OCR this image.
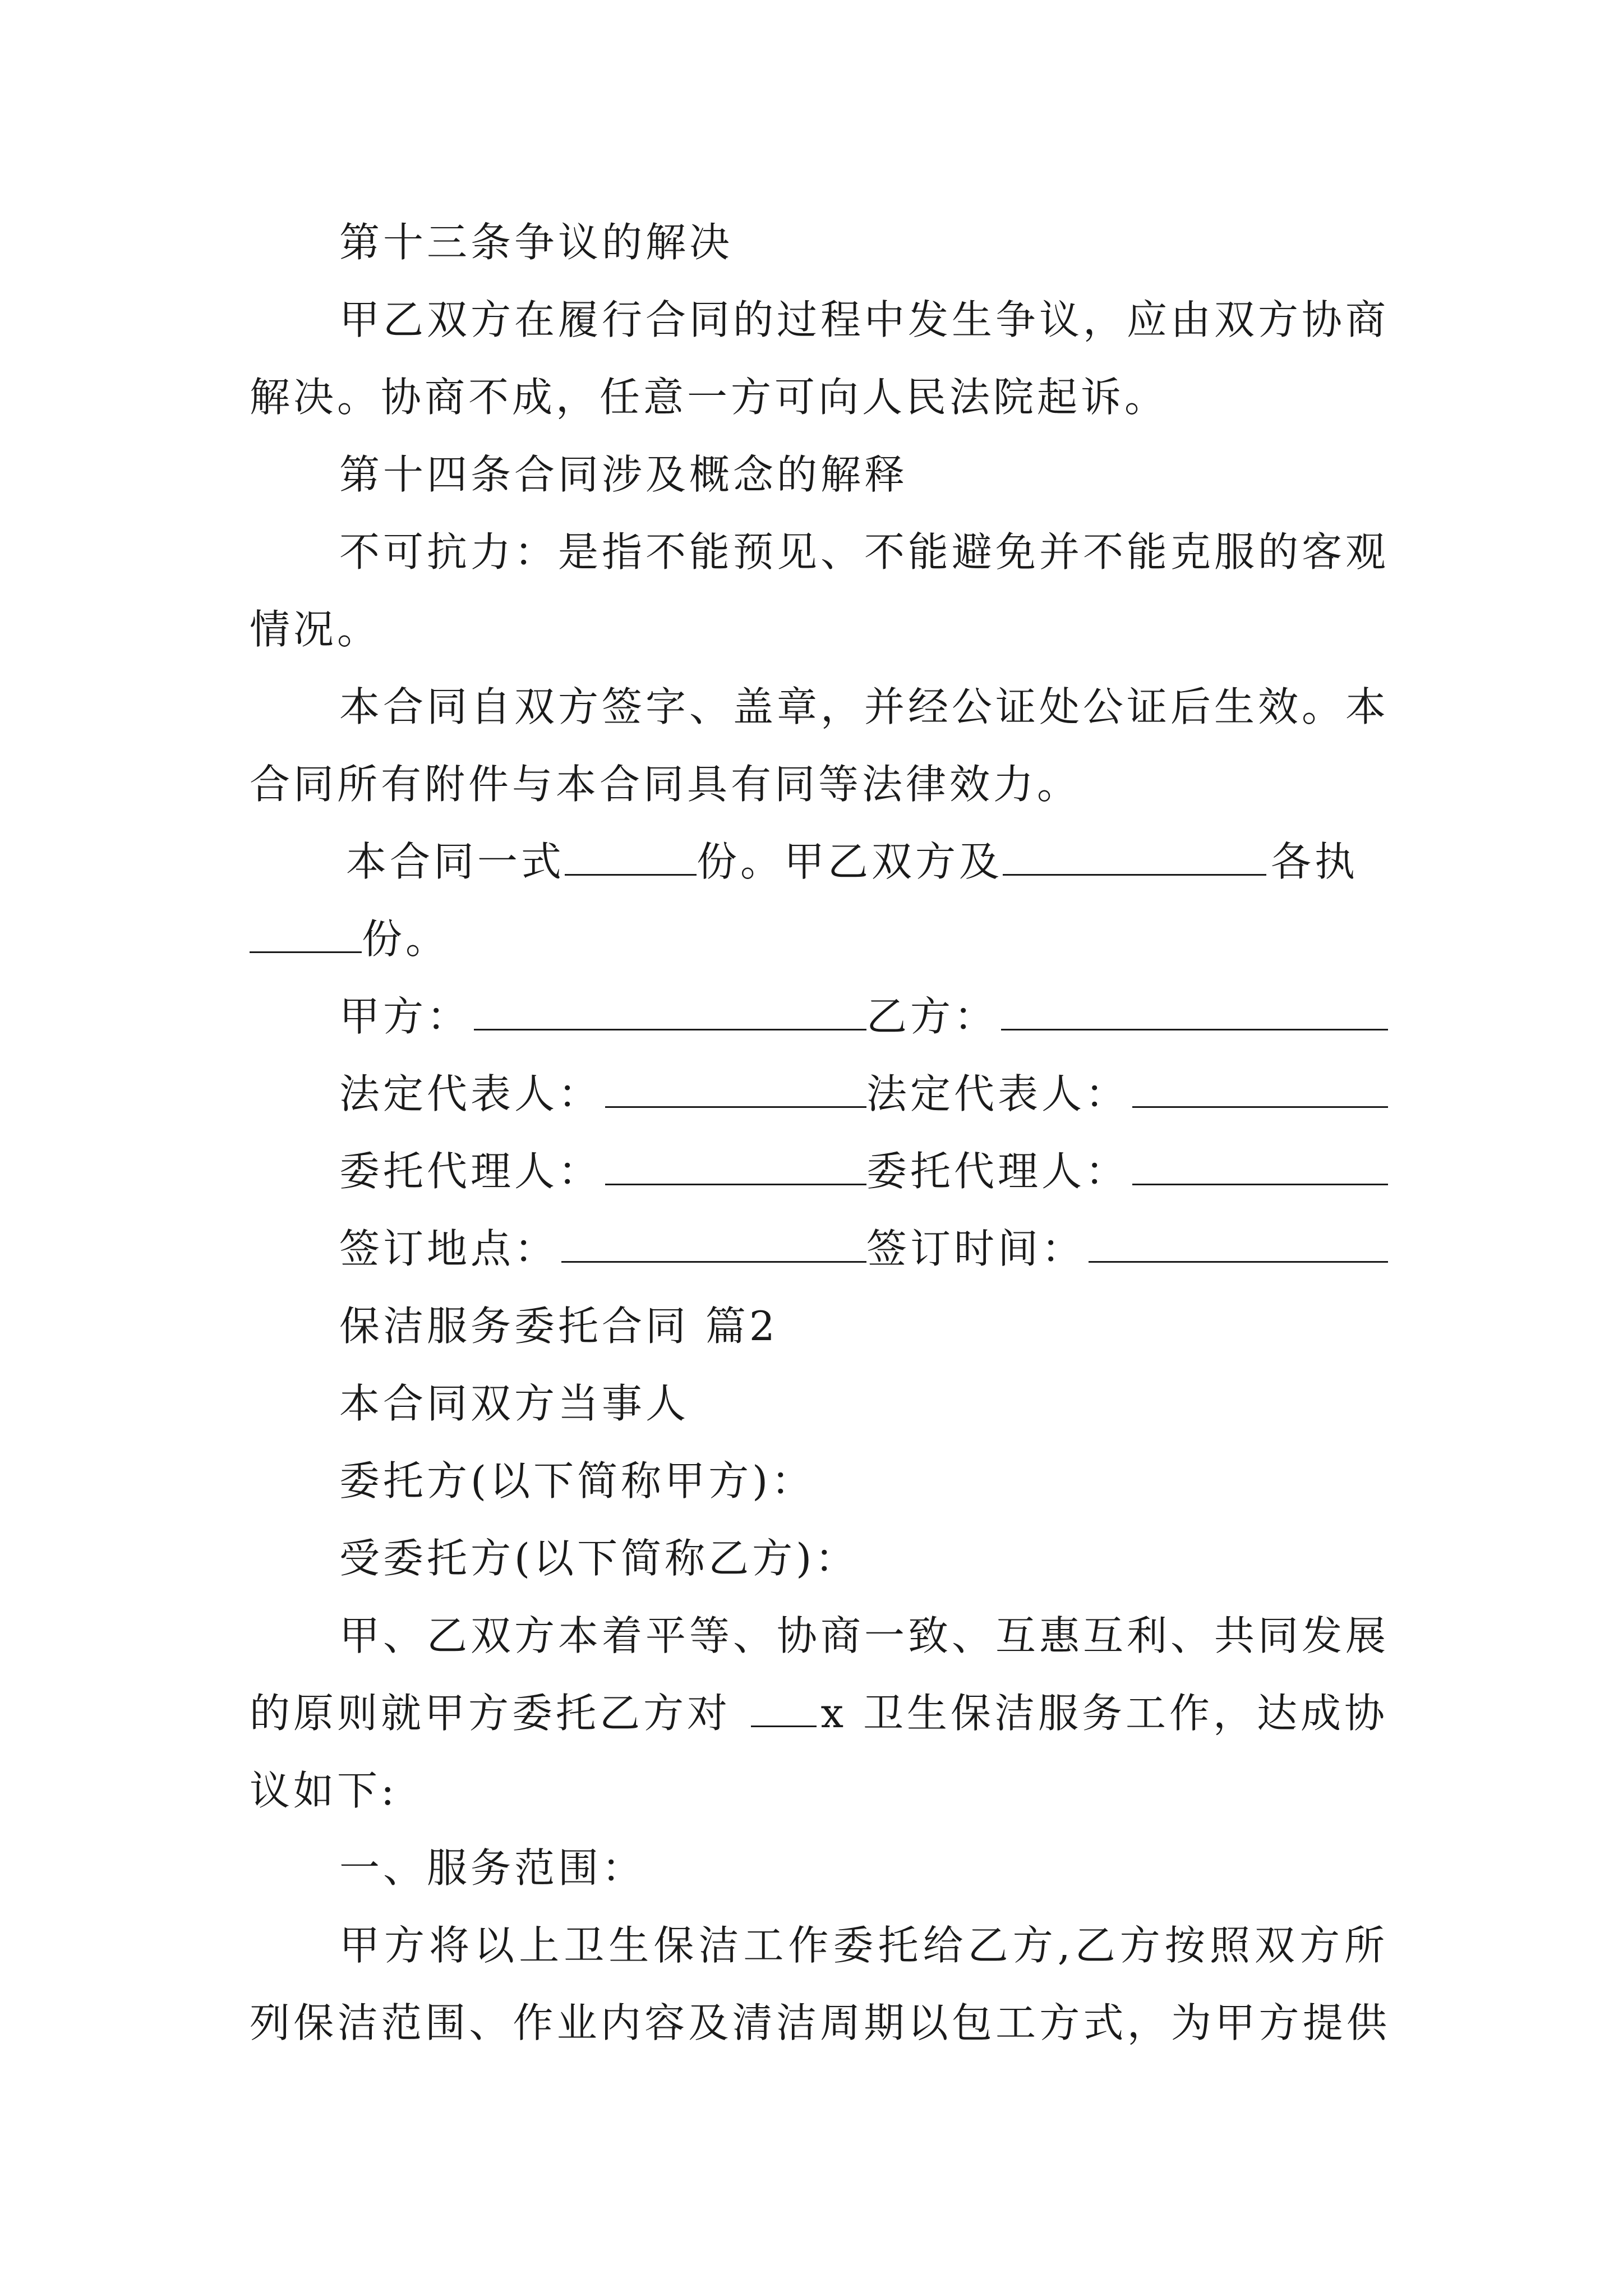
第十三条争议的解决
甲乙双方在履行合同的过程中发生争议，应由双方协商
解决。协商不成，任意一方可向人民法院起诉。
第十四条合同涉及概念的解释
不可抗力：是指不能预见、不能避免并不能克服的客观
情况。
本合同自双方签字、盖章，并经公证处公证后生效。本
合同所有附件与本合同具有同等法律效力。
本合同一式	份。甲乙双方及	各执
份。
甲方：	乙方：
法定代表人：	法定代表人：
委托代理人：	委托代理人：
签订地点：	签订时间：
保洁服务委托合同 篇2
本合同双方当事人
委托方(以下简称甲方)：
受委托方(以下简称乙方)：
甲、乙双方本着平等、协商一致、互惠互利、共同发展
的原则就甲方委托乙方对 x 卫生保洁服务工作，达成协
议如下:
一、服务范围：
甲方将以上卫生保洁工作委托给乙方,乙方按照双方所
列保洁范围、作业内容及清洁周期以包工方式，为甲方提供
